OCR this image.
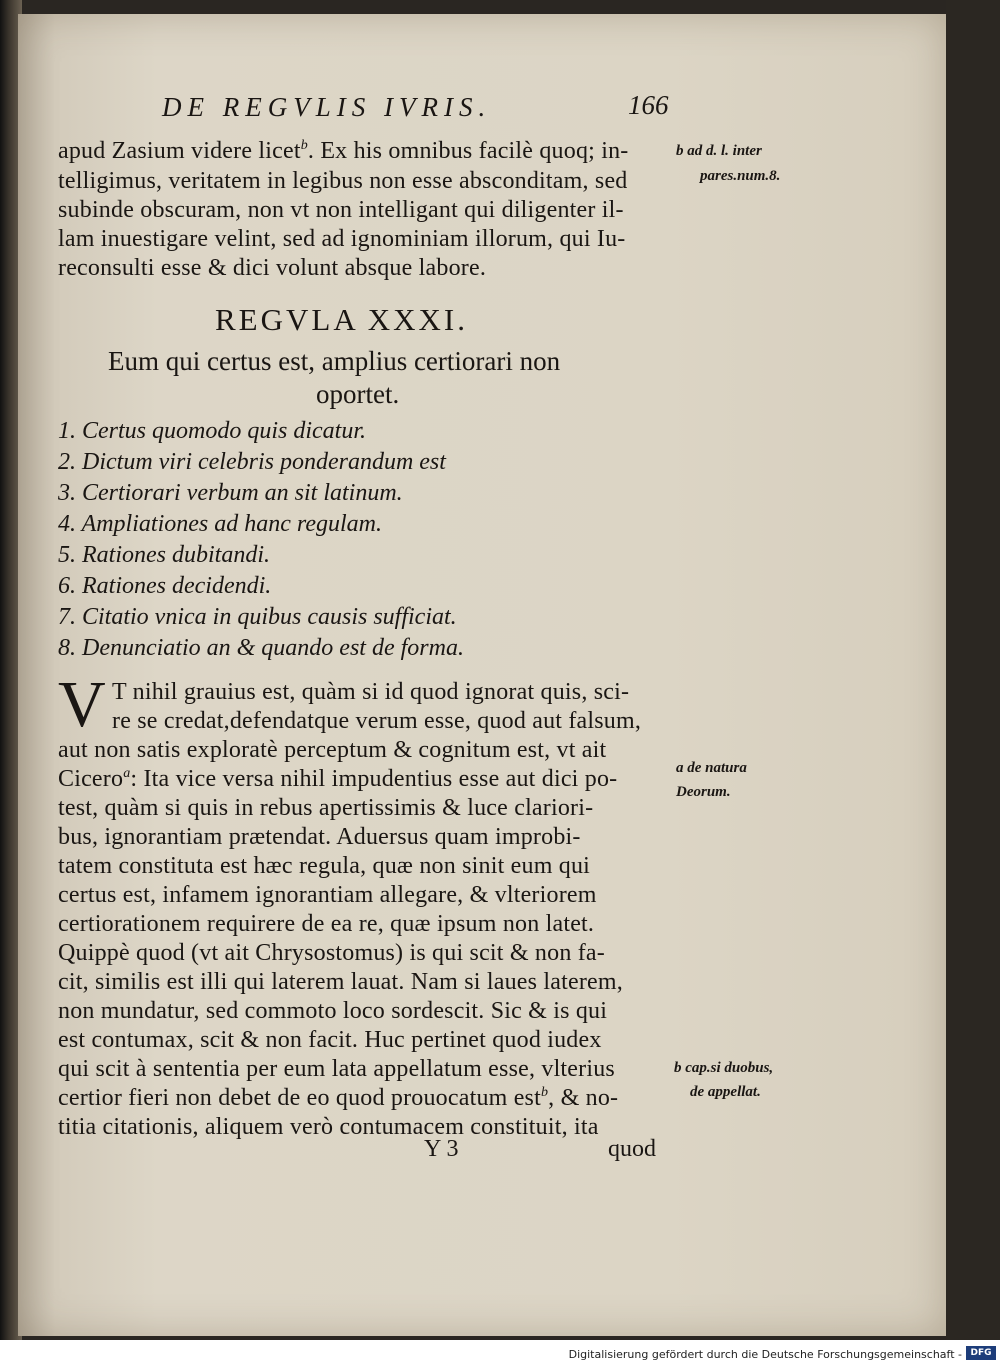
DE REGVLIS IVRIS.	166
apud Zasium videre licet$^b$. Ex his omnibus facilè quoq; in-
telligimus, veritatem in legibus non esse absconditam, sed
subinde obscuram, non vt non intelligant qui diligenter il-
lam inuestigare velint, sed ad ignominiam illorum, qui Iu-
reconsulti esse & dici volunt absque labore.
b ad d. l. inter
pares.num.8.
REGVLA XXXI.
Eum qui certus est, amplius certiorari non
oportet.
1. Certus quomodo quis dicatur.
2. Dictum viri celebris ponderandum est
3. Certiorari verbum an sit latinum.
4. Ampliationes ad hanc regulam.
5. Rationes dubitandi.
6. Rationes decidendi.
7. Citatio vnica in quibus causis sufficiat.
8. Denunciatio an & quando est de forma.
V T nihil grauius est, quàm si id quod ignorat quis, sci-
re se credat,defendatque verum esse, quod aut falsum,
aut non satis exploratè perceptum & cognitum est, vt ait
Cicero$^a$: Ita vice versa nihil impudentius esse aut dici po-
test, quàm si quis in rebus apertissimis & luce clariori-
bus, ignorantiam prætendat. Aduersus quam improbi-
tatem constituta est hæc regula, quæ non sinit eum qui
certus est, infamem ignorantiam allegare, & vlteriorem
certiorationem requirere de ea re, quæ ipsum non latet.
Quippè quod (vt ait Chrysostomus) is qui scit & non fa-
cit, similis est illi qui laterem lauat. Nam si laues laterem,
non mundatur, sed commoto loco sordescit. Sic & is qui
est contumax, scit & non facit. Huc pertinet quod iudex
qui scit à sententia per eum lata appellatum esse, vlterius
certior fieri non debet de eo quod prouocatum est$^b$, & no-
titia citationis, aliquem verò contumacem constituit, ita
a de natura
Deorum.
b cap.si duobus,
de appellat.
Y 3	quod
Digitalisierung gefördert durch die Deutsche Forschungsgemeinschaft - DFG
